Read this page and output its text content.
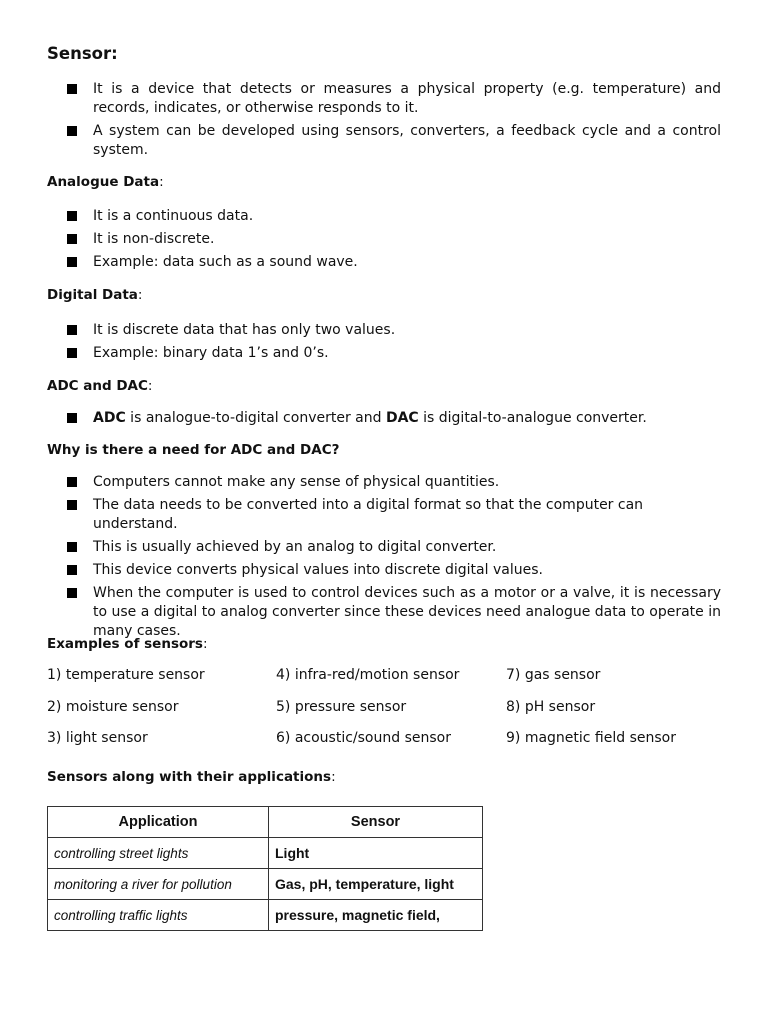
Sensor:
It is a device that detects or measures a physical property (e.g. temperature) and records, indicates, or otherwise responds to it.
A system can be developed using sensors, converters, a feedback cycle and a control system.
Analogue Data:
It is a continuous data.
It is non-discrete.
Example: data such as a sound wave.
Digital Data:
It is discrete data that has only two values.
Example: binary data 1’s and 0’s.
ADC and DAC:
ADC is analogue-to-digital converter and DAC is digital-to-analogue converter.
Why is there a need for ADC and DAC?
Computers cannot make any sense of physical quantities.
The data needs to be converted into a digital format so that the computer can understand.
This is usually achieved by an analog to digital converter.
This device converts physical values into discrete digital values.
When the computer is used to control devices such as a motor or a valve, it is necessary to use a digital to analog converter since these devices need analogue data to operate in many cases.
Examples of sensors:
1) temperature sensor
2) moisture sensor
3) light sensor
4) infra-red/motion sensor
5) pressure sensor
6) acoustic/sound sensor
7) gas sensor
8) pH sensor
9) magnetic field sensor
Sensors along with their applications:
Application	Sensor
controlling street lights	Light
monitoring a river for pollution	Gas, pH, temperature, light
controlling traffic lights	pressure, magnetic field,
